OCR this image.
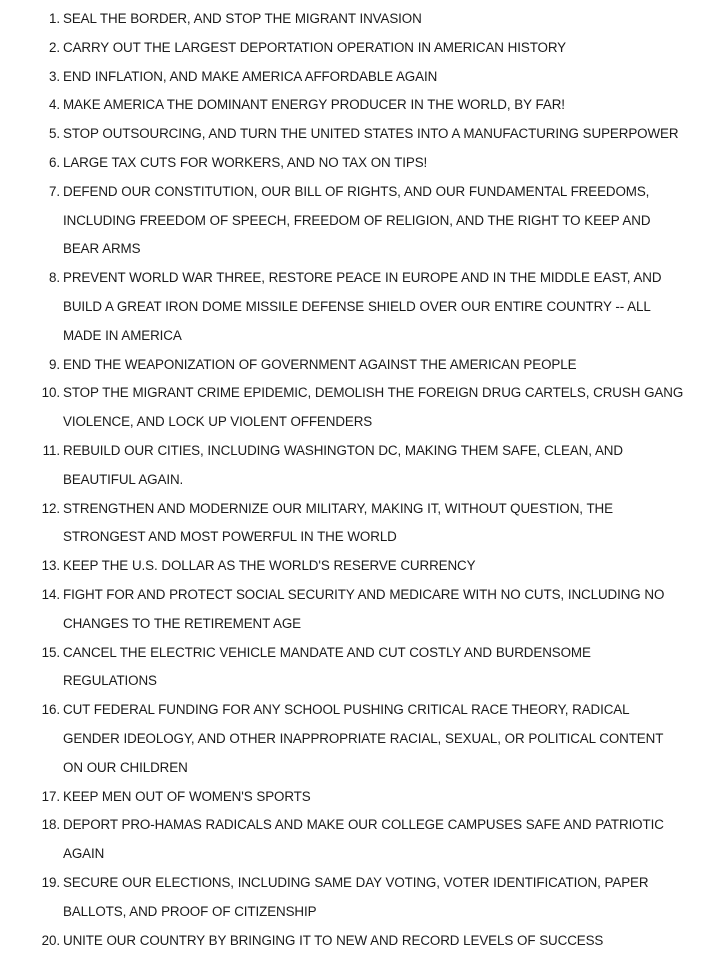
1. SEAL THE BORDER, AND STOP THE MIGRANT INVASION
2. CARRY OUT THE LARGEST DEPORTATION OPERATION IN AMERICAN HISTORY
3. END INFLATION, AND MAKE AMERICA AFFORDABLE AGAIN
4. MAKE AMERICA THE DOMINANT ENERGY PRODUCER IN THE WORLD, BY FAR!
5. STOP OUTSOURCING, AND TURN THE UNITED STATES INTO A MANUFACTURING SUPERPOWER
6. LARGE TAX CUTS FOR WORKERS, AND NO TAX ON TIPS!
7. DEFEND OUR CONSTITUTION, OUR BILL OF RIGHTS, AND OUR FUNDAMENTAL FREEDOMS, INCLUDING FREEDOM OF SPEECH, FREEDOM OF RELIGION, AND THE RIGHT TO KEEP AND BEAR ARMS
8. PREVENT WORLD WAR THREE, RESTORE PEACE IN EUROPE AND IN THE MIDDLE EAST, AND BUILD A GREAT IRON DOME MISSILE DEFENSE SHIELD OVER OUR ENTIRE COUNTRY -- ALL MADE IN AMERICA
9. END THE WEAPONIZATION OF GOVERNMENT AGAINST THE AMERICAN PEOPLE
10. STOP THE MIGRANT CRIME EPIDEMIC, DEMOLISH THE FOREIGN DRUG CARTELS, CRUSH GANG VIOLENCE, AND LOCK UP VIOLENT OFFENDERS
11. REBUILD OUR CITIES, INCLUDING WASHINGTON DC, MAKING THEM SAFE, CLEAN, AND BEAUTIFUL AGAIN.
12. STRENGTHEN AND MODERNIZE OUR MILITARY, MAKING IT, WITHOUT QUESTION, THE STRONGEST AND MOST POWERFUL IN THE WORLD
13. KEEP THE U.S. DOLLAR AS THE WORLD'S RESERVE CURRENCY
14. FIGHT FOR AND PROTECT SOCIAL SECURITY AND MEDICARE WITH NO CUTS, INCLUDING NO CHANGES TO THE RETIREMENT AGE
15. CANCEL THE ELECTRIC VEHICLE MANDATE AND CUT COSTLY AND BURDENSOME REGULATIONS
16. CUT FEDERAL FUNDING FOR ANY SCHOOL PUSHING CRITICAL RACE THEORY, RADICAL GENDER IDEOLOGY, AND OTHER INAPPROPRIATE RACIAL, SEXUAL, OR POLITICAL CONTENT ON OUR CHILDREN
17. KEEP MEN OUT OF WOMEN'S SPORTS
18. DEPORT PRO-HAMAS RADICALS AND MAKE OUR COLLEGE CAMPUSES SAFE AND PATRIOTIC AGAIN
19. SECURE OUR ELECTIONS, INCLUDING SAME DAY VOTING, VOTER IDENTIFICATION, PAPER BALLOTS, AND PROOF OF CITIZENSHIP
20. UNITE OUR COUNTRY BY BRINGING IT TO NEW AND RECORD LEVELS OF SUCCESS
